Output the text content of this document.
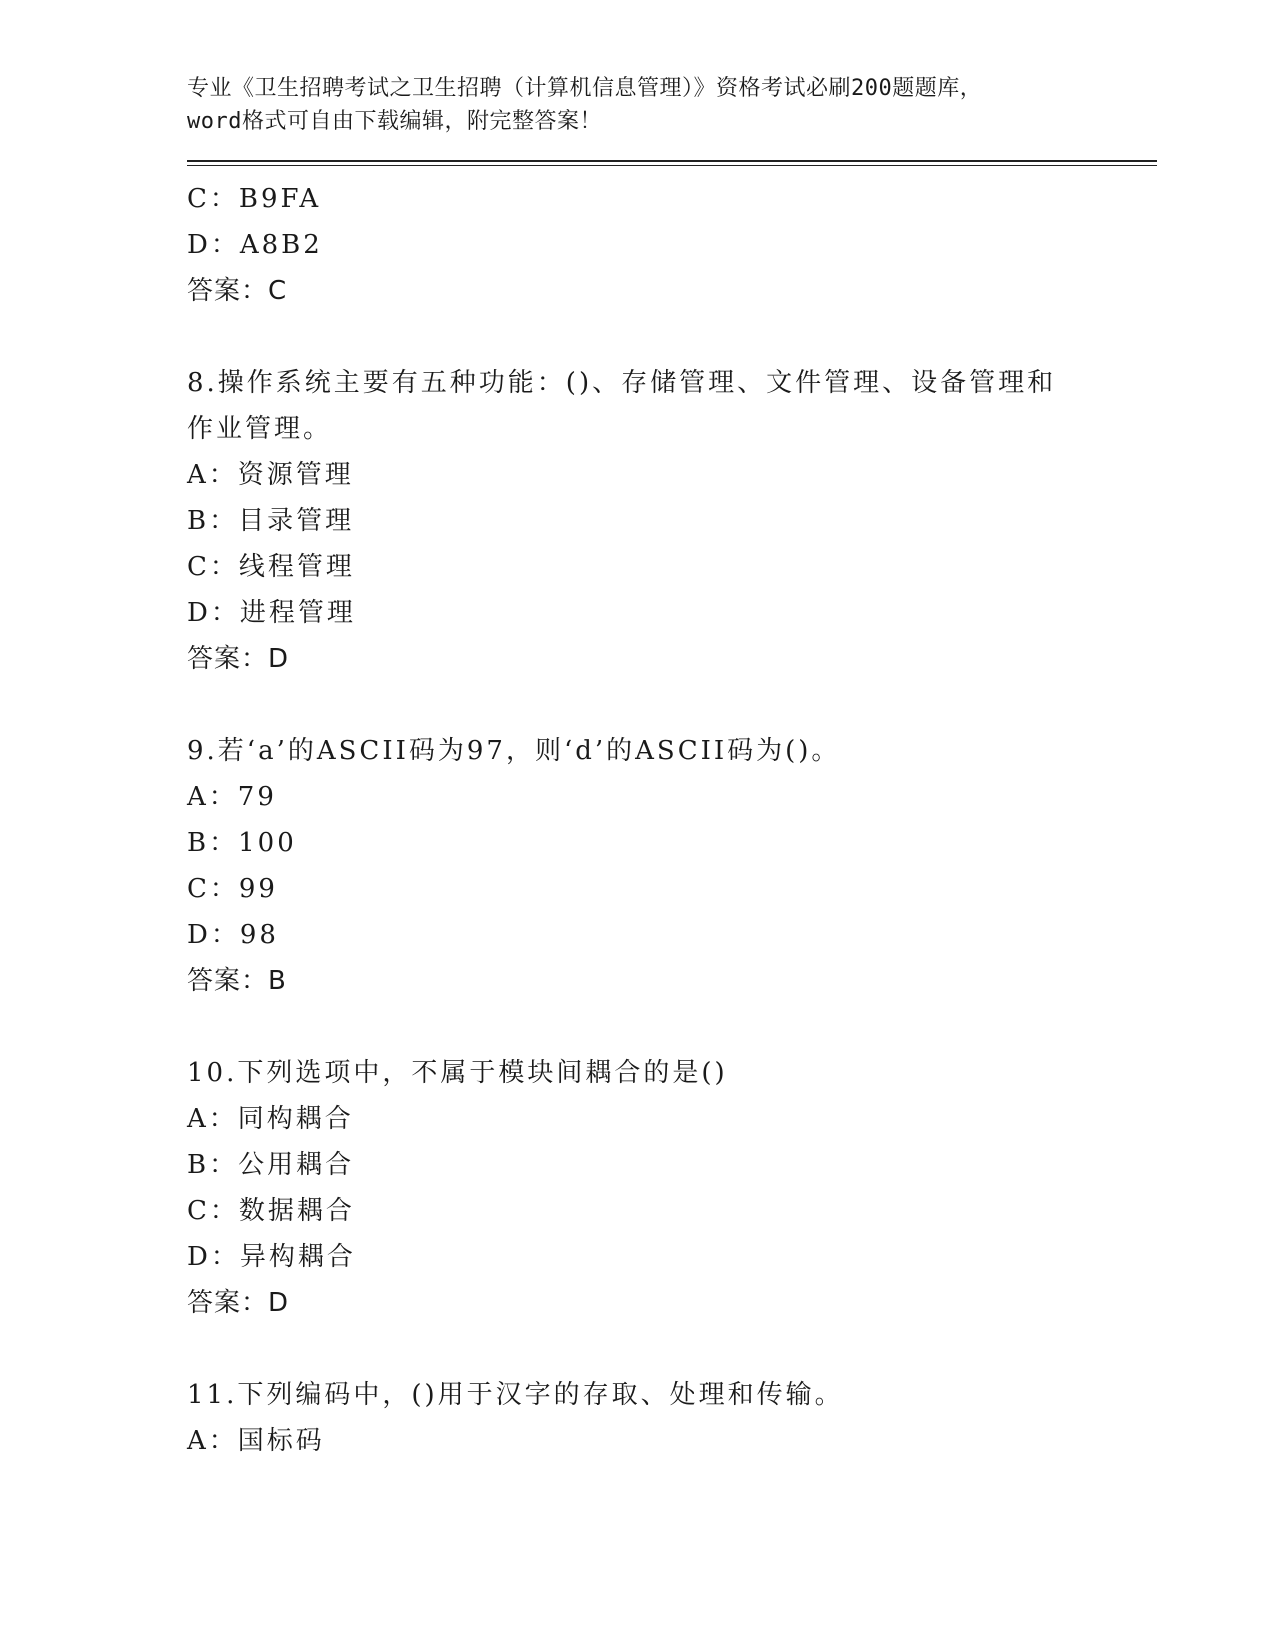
专业《卫生招聘考试之卫生招聘（计算机信息管理）》资格考试必刷200题题库，
word格式可自由下载编辑，附完整答案！
C：B9FA
D：A8B2
答案：C
8.操作系统主要有五种功能：()、存储管理、文件管理、设备管理和
作业管理。
A：资源管理
B：目录管理
C：线程管理
D：进程管理
答案：D
9.若‘a’的ASCII码为97，则‘d’的ASCII码为()。
A：79
B：100
C：99
D：98
答案：B
10.下列选项中，不属于模块间耦合的是()
A：同构耦合
B：公用耦合
C：数据耦合
D：异构耦合
答案：D
11.下列编码中，()用于汉字的存取、处理和传输。
A：国标码
